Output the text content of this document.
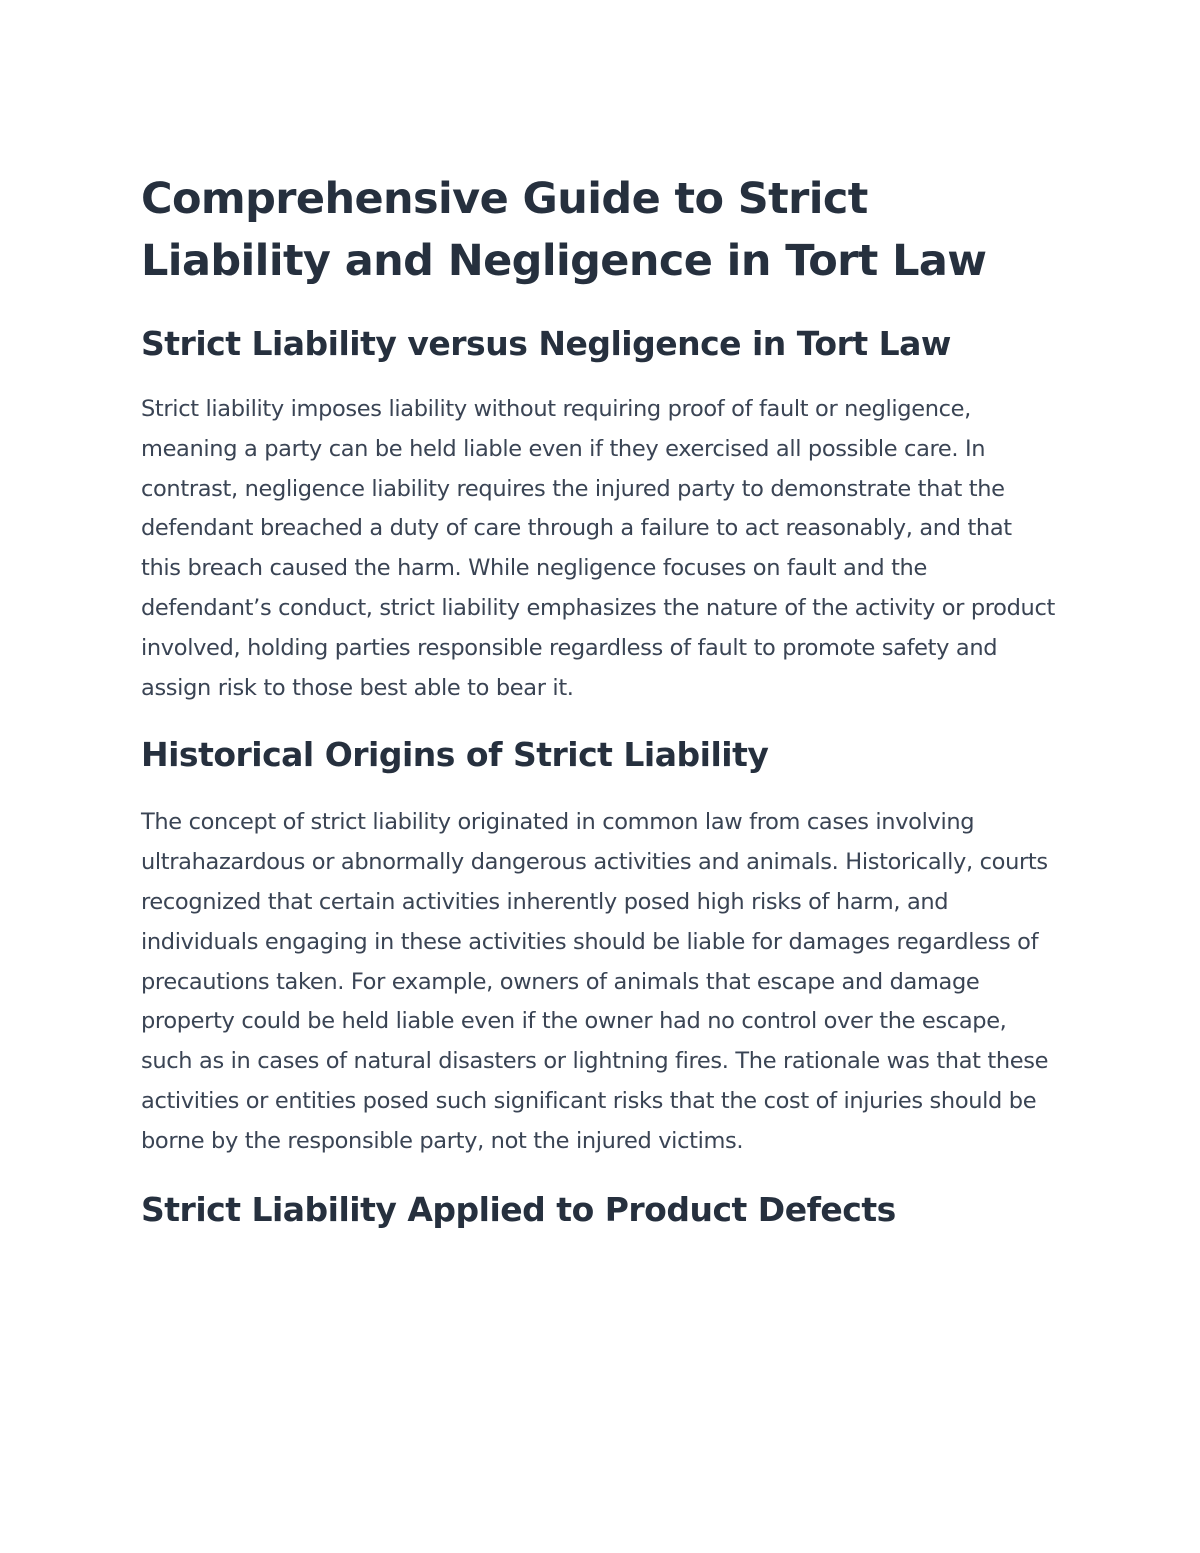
Comprehensive Guide to Strict Liability and Negligence in Tort Law
Strict Liability versus Negligence in Tort Law

Strict liability imposes liability without requiring proof of fault or negligence, meaning a party can be held liable even if they exercised all possible care. In contrast, negligence liability requires the injured party to demonstrate that the defendant breached a duty of care through a failure to act reasonably, and that this breach caused the harm. While negligence focuses on fault and the defendant’s conduct, strict liability emphasizes the nature of the activity or product involved, holding parties responsible regardless of fault to promote safety and assign risk to those best able to bear it.

Historical Origins of Strict Liability

The concept of strict liability originated in common law from cases involving ultrahazardous or abnormally dangerous activities and animals. Historically, courts recognized that certain activities inherently posed high risks of harm, and individuals engaging in these activities should be liable for damages regardless of precautions taken. For example, owners of animals that escape and damage property could be held liable even if the owner had no control over the escape, such as in cases of natural disasters or lightning fires. The rationale was that these activities or entities posed such significant risks that the cost of injuries should be borne by the responsible party, not the injured victims.

Strict Liability Applied to Product Defects
